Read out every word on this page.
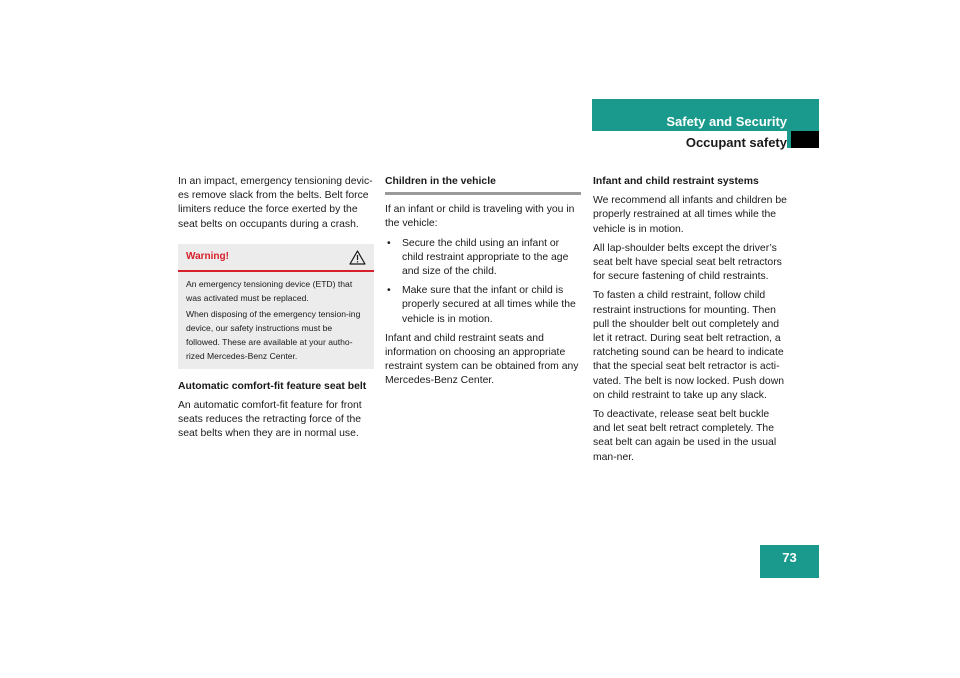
Safety and Security
Occupant safety

In an impact, emergency tensioning devic-es remove slack from the belts. Belt force limiters reduce the force exerted by the seat belts on occupants during a crash.

Warning!

An emergency tensioning device (ETD) that was activated must be replaced.

When disposing of the emergency tension-ing device, our safety instructions must be followed. These are available at your autho-rized Mercedes-Benz Center.

Automatic comfort-fit feature seat belt

An automatic comfort-fit feature for front seats reduces the retracting force of the seat belts when they are in normal use.

Children in the vehicle

If an infant or child is traveling with you in the vehicle:

• Secure the child using an infant or child restraint appropriate to the age and size of the child.
• Make sure that the infant or child is properly secured at all times while the vehicle is in motion.

Infant and child restraint seats and information on choosing an appropriate restraint system can be obtained from any Mercedes-Benz Center.

Infant and child restraint systems

We recommend all infants and children be properly restrained at all times while the vehicle is in motion.

All lap-shoulder belts except the driver’s seat belt have special seat belt retractors for secure fastening of child restraints.

To fasten a child restraint, follow child restraint instructions for mounting. Then pull the shoulder belt out completely and let it retract. During seat belt retraction, a ratcheting sound can be heard to indicate that the special seat belt retractor is acti-vated. The belt is now locked. Push down on child restraint to take up any slack.

To deactivate, release seat belt buckle and let seat belt retract completely. The seat belt can again be used in the usual man-ner.

73
